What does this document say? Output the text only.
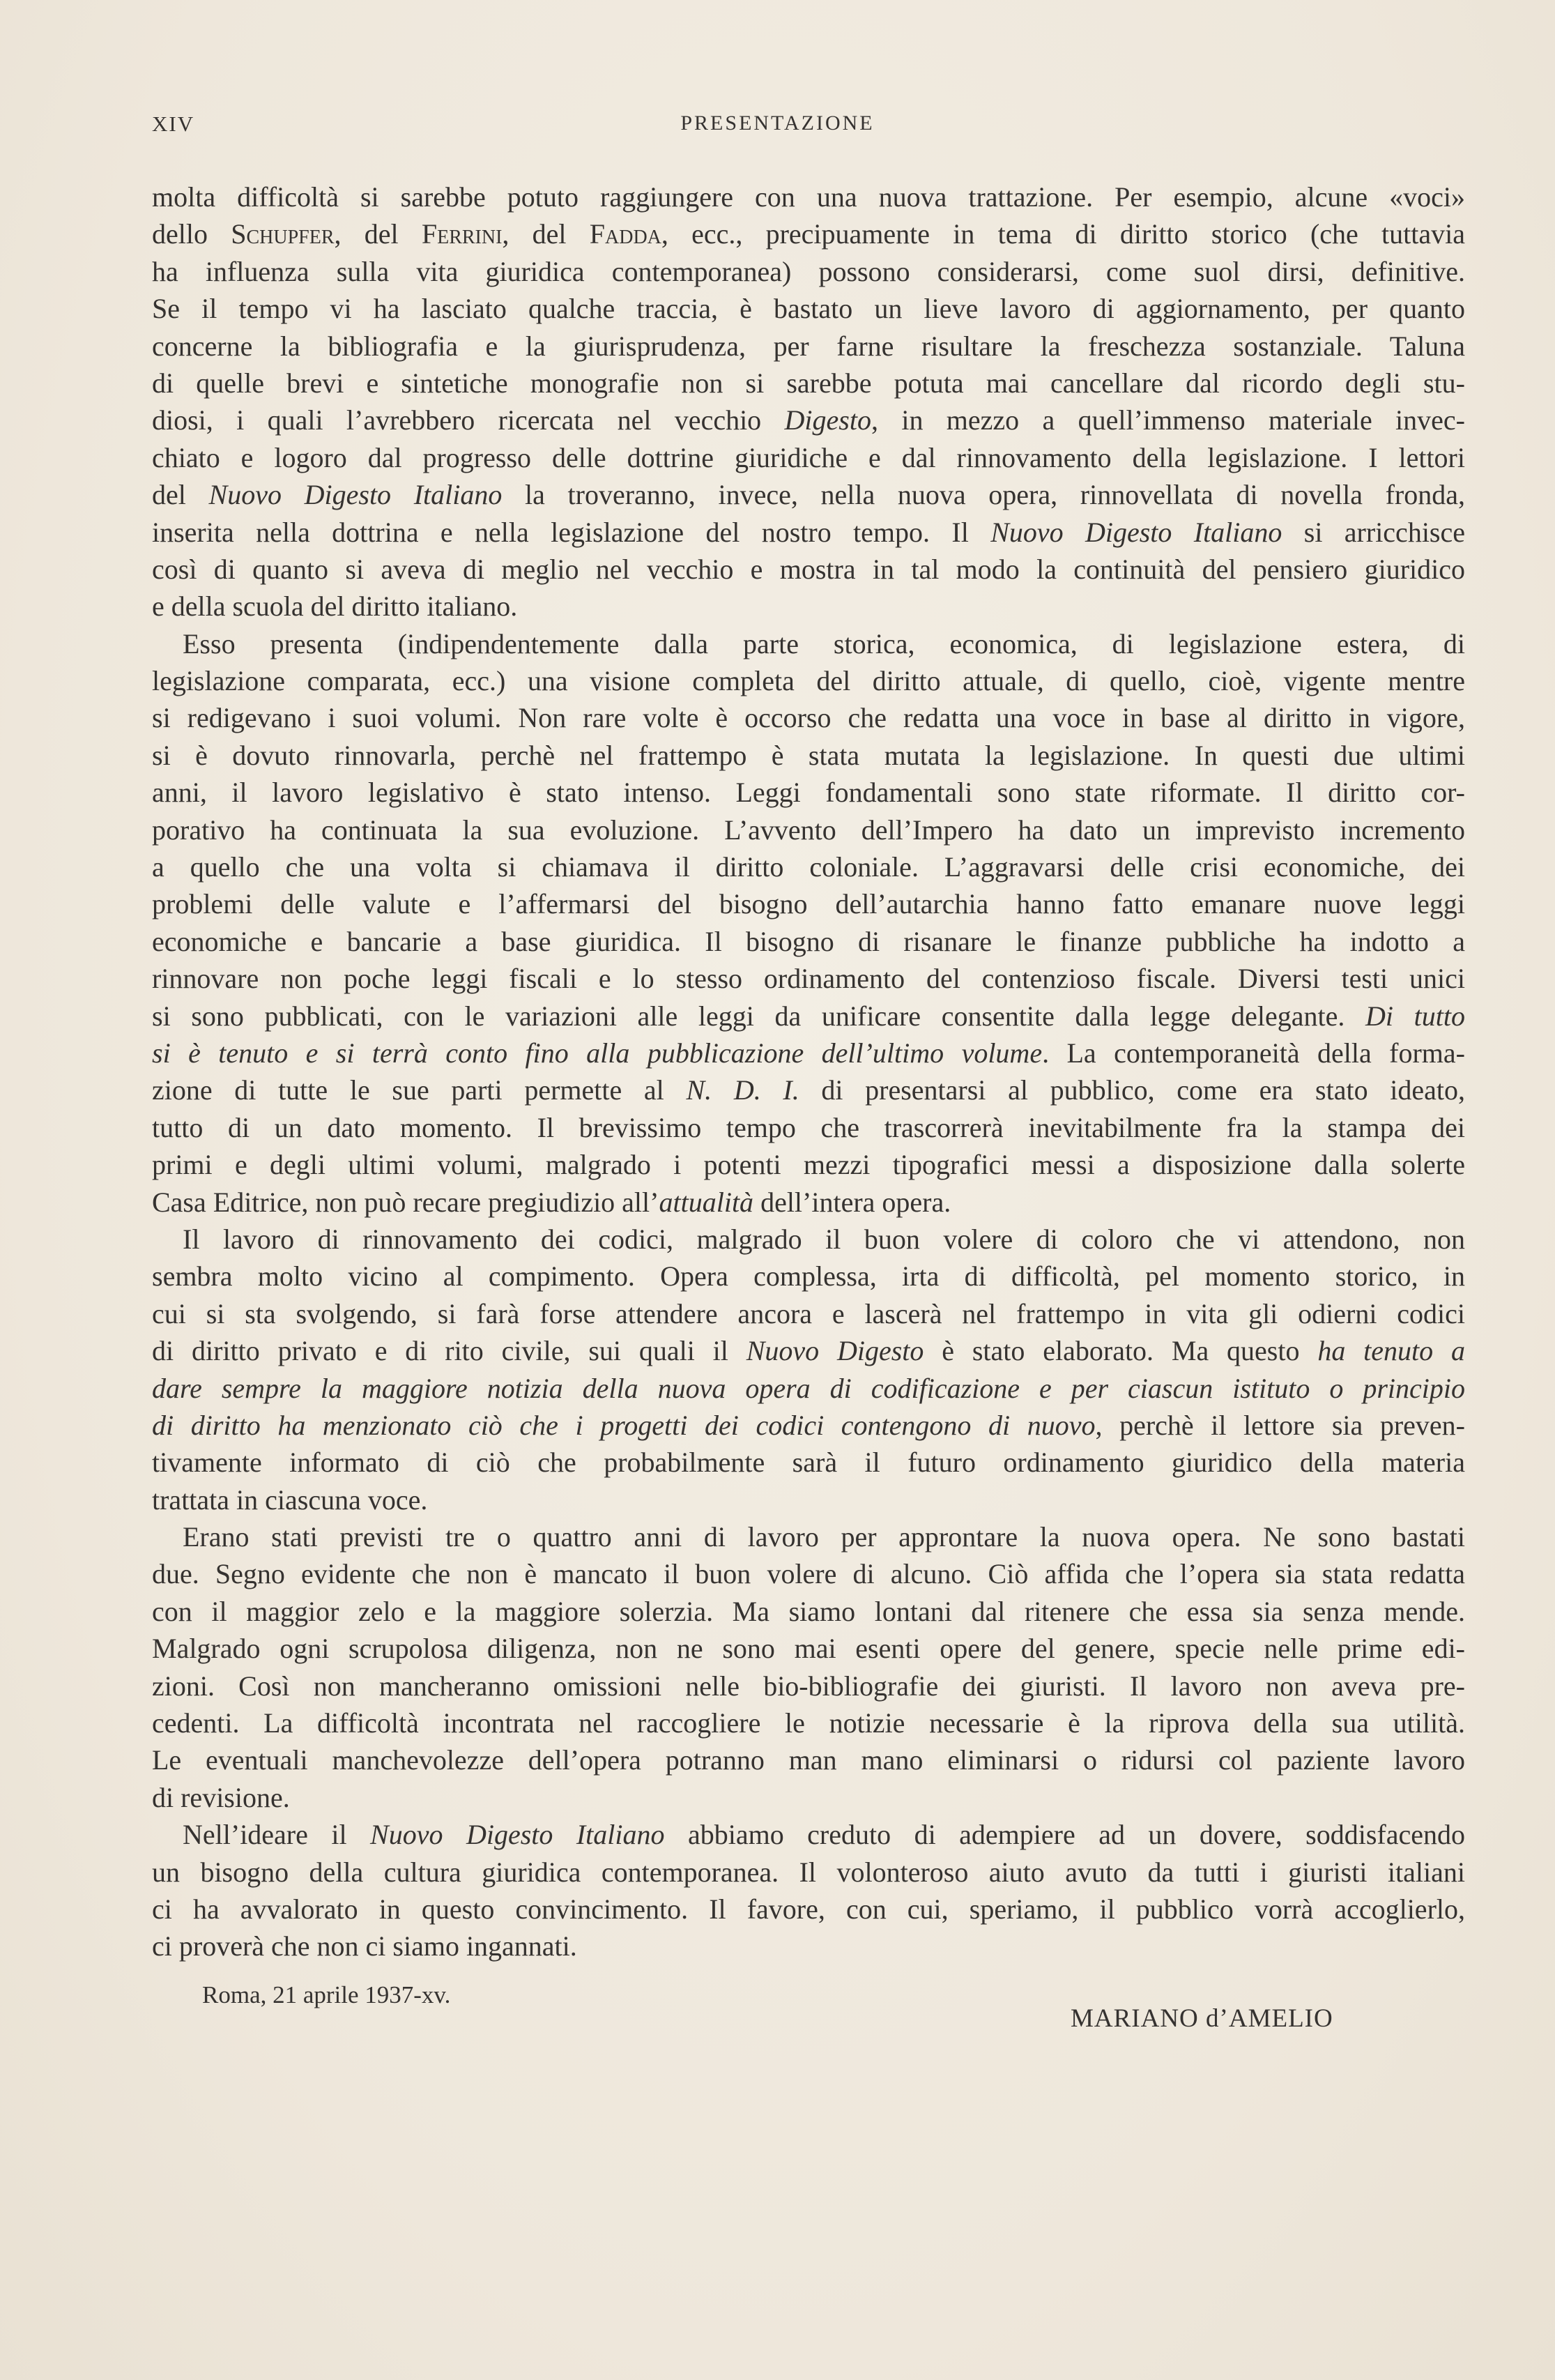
XIV	PRESENTAZIONE
molta difficoltà si sarebbe potuto raggiungere con una nuova trattazione. Per esempio, alcune «voci»
dello Schupfer, del Ferrini, del Fadda, ecc., precipuamente in tema di diritto storico (che tuttavia
ha influenza sulla vita giuridica contemporanea) possono considerarsi, come suol dirsi, definitive.
Se il tempo vi ha lasciato qualche traccia, è bastato un lieve lavoro di aggiornamento, per quanto
concerne la bibliografia e la giurisprudenza, per farne risultare la freschezza sostanziale. Taluna
di quelle brevi e sintetiche monografie non si sarebbe potuta mai cancellare dal ricordo degli stu-
diosi, i quali l’avrebbero ricercata nel vecchio Digesto, in mezzo a quell’immenso materiale invec-
chiato e logoro dal progresso delle dottrine giuridiche e dal rinnovamento della legislazione. I lettori
del Nuovo Digesto Italiano la troveranno, invece, nella nuova opera, rinnovellata di novella fronda,
inserita nella dottrina e nella legislazione del nostro tempo. Il Nuovo Digesto Italiano si arricchisce
così di quanto si aveva di meglio nel vecchio e mostra in tal modo la continuità del pensiero giuridico
e della scuola del diritto italiano.
Esso presenta (indipendentemente dalla parte storica, economica, di legislazione estera, di
legislazione comparata, ecc.) una visione completa del diritto attuale, di quello, cioè, vigente mentre
si redigevano i suoi volumi. Non rare volte è occorso che redatta una voce in base al diritto in vigore,
si è dovuto rinnovarla, perchè nel frattempo è stata mutata la legislazione. In questi due ultimi
anni, il lavoro legislativo è stato intenso. Leggi fondamentali sono state riformate. Il diritto cor-
porativo ha continuata la sua evoluzione. L’avvento dell’Impero ha dato un imprevisto incremento
a quello che una volta si chiamava il diritto coloniale. L’aggravarsi delle crisi economiche, dei
problemi delle valute e l’affermarsi del bisogno dell’autarchia hanno fatto emanare nuove leggi
economiche e bancarie a base giuridica. Il bisogno di risanare le finanze pubbliche ha indotto a
rinnovare non poche leggi fiscali e lo stesso ordinamento del contenzioso fiscale. Diversi testi unici
si sono pubblicati, con le variazioni alle leggi da unificare consentite dalla legge delegante. Di tutto
si è tenuto e si terrà conto fino alla pubblicazione dell’ultimo volume. La contemporaneità della forma-
zione di tutte le sue parti permette al N. D. I. di presentarsi al pubblico, come era stato ideato,
tutto di un dato momento. Il brevissimo tempo che trascorrerà inevitabilmente fra la stampa dei
primi e degli ultimi volumi, malgrado i potenti mezzi tipografici messi a disposizione dalla solerte
Casa Editrice, non può recare pregiudizio all’attualità dell’intera opera.
Il lavoro di rinnovamento dei codici, malgrado il buon volere di coloro che vi attendono, non
sembra molto vicino al compimento. Opera complessa, irta di difficoltà, pel momento storico, in
cui si sta svolgendo, si farà forse attendere ancora e lascerà nel frattempo in vita gli odierni codici
di diritto privato e di rito civile, sui quali il Nuovo Digesto è stato elaborato. Ma questo ha tenuto a
dare sempre la maggiore notizia della nuova opera di codificazione e per ciascun istituto o principio
di diritto ha menzionato ciò che i progetti dei codici contengono di nuovo, perchè il lettore sia preven-
tivamente informato di ciò che probabilmente sarà il futuro ordinamento giuridico della materia
trattata in ciascuna voce.
Erano stati previsti tre o quattro anni di lavoro per approntare la nuova opera. Ne sono bastati
due. Segno evidente che non è mancato il buon volere di alcuno. Ciò affida che l’opera sia stata redatta
con il maggior zelo e la maggiore solerzia. Ma siamo lontani dal ritenere che essa sia senza mende.
Malgrado ogni scrupolosa diligenza, non ne sono mai esenti opere del genere, specie nelle prime edi-
zioni. Così non mancheranno omissioni nelle bio-bibliografie dei giuristi. Il lavoro non aveva pre-
cedenti. La difficoltà incontrata nel raccogliere le notizie necessarie è la riprova della sua utilità.
Le eventuali manchevolezze dell’opera potranno man mano eliminarsi o ridursi col paziente lavoro
di revisione.
Nell’ideare il Nuovo Digesto Italiano abbiamo creduto di adempiere ad un dovere, soddisfacendo
un bisogno della cultura giuridica contemporanea. Il volonteroso aiuto avuto da tutti i giuristi italiani
ci ha avvalorato in questo convincimento. Il favore, con cui, speriamo, il pubblico vorrà accoglierlo,
ci proverà che non ci siamo ingannati.
Roma, 21 aprile 1937-xv.
MARIANO d’AMELIO
